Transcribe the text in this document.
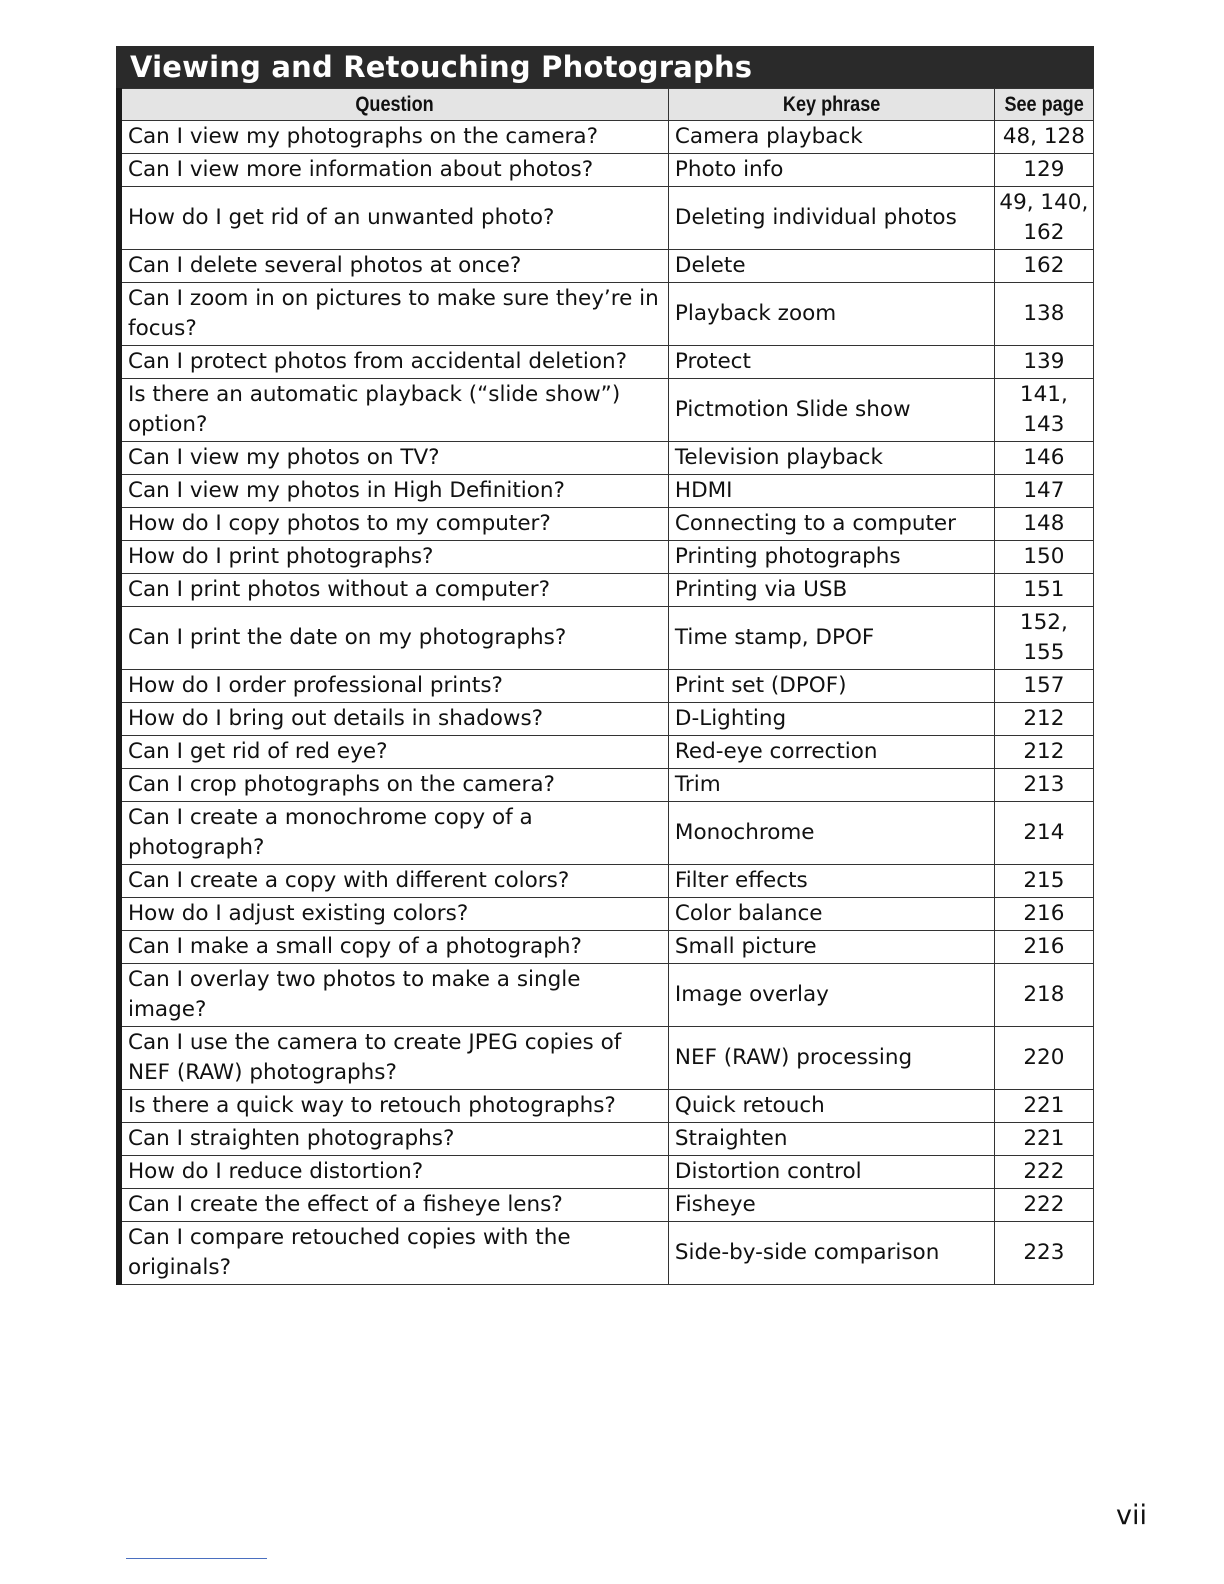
Viewing and Retouching Photographs
Question	Key phrase	See page
Can I view my photographs on the camera?	Camera playback	48, 128
Can I view more information about photos?	Photo info	129
How do I get rid of an unwanted photo?	Deleting individual photos	49, 140, 162
Can I delete several photos at once?	Delete	162
Can I zoom in on pictures to make sure they’re in focus?	Playback zoom	138
Can I protect photos from accidental deletion?	Protect	139
Is there an automatic playback (“slide show”) option?	Pictmotion Slide show	141, 143
Can I view my photos on TV?	Television playback	146
Can I view my photos in High Definition?	HDMI	147
How do I copy photos to my computer?	Connecting to a computer	148
How do I print photographs?	Printing photographs	150
Can I print photos without a computer?	Printing via USB	151
Can I print the date on my photographs?	Time stamp, DPOF	152, 155
How do I order professional prints?	Print set (DPOF)	157
How do I bring out details in shadows?	D-Lighting	212
Can I get rid of red eye?	Red-eye correction	212
Can I crop photographs on the camera?	Trim	213
Can I create a monochrome copy of a photograph?	Monochrome	214
Can I create a copy with different colors?	Filter effects	215
How do I adjust existing colors?	Color balance	216
Can I make a small copy of a photograph?	Small picture	216
Can I overlay two photos to make a single image?	Image overlay	218
Can I use the camera to create JPEG copies of NEF (RAW) photographs?	NEF (RAW) processing	220
Is there a quick way to retouch photographs?	Quick retouch	221
Can I straighten photographs?	Straighten	221
How do I reduce distortion?	Distortion control	222
Can I create the effect of a fisheye lens?	Fisheye	222
Can I compare retouched copies with the originals?	Side-by-side comparison	223
vii
